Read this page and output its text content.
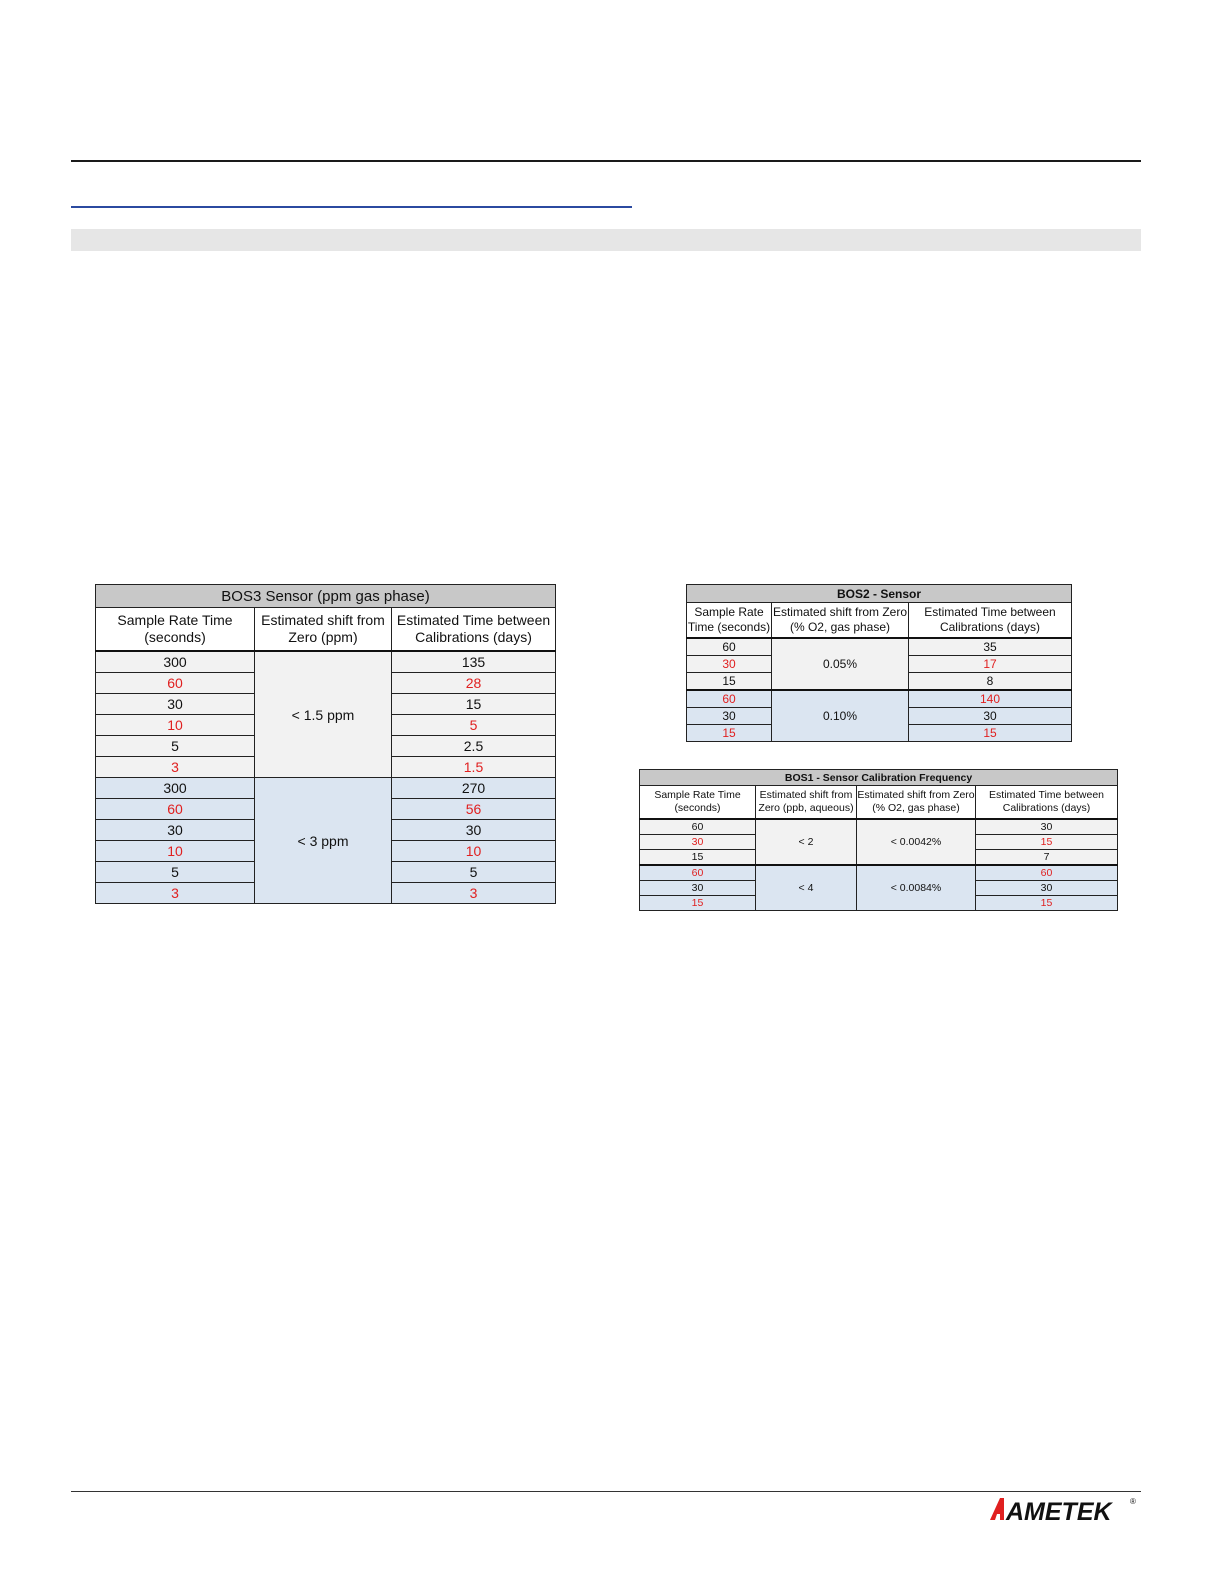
BOS3 Sensor (ppm gas phase)		
Sample Rate Time (seconds)	Estimated shift from Zero (ppm)	Estimated Time between Calibrations (days)
300	< 1.5 ppm	135
60		28
30		15
10		5
5		2.5
3		1.5
300	< 3 ppm	270
60		56
30		30
10		10
5		5
3		3
BOS2 - Sensor		
Sample Rate Time (seconds)	Estimated shift from Zero (% O2, gas phase)	Estimated Time between Calibrations (days)
60	0.05%	35
30		17
15		8
60	0.10%	140
30		30
15		15
BOS1 - Sensor Calibration Frequency			
Sample Rate Time (seconds)	Estimated shift from Zero (ppb, aqueous)	Estimated shift from Zero (% O2, gas phase)	Estimated Time between Calibrations (days)
60	< 2	< 0.0042%	30
30			15
15			7
60	< 4	< 0.0084%	60
30			30
15			15
AMETEK ®
